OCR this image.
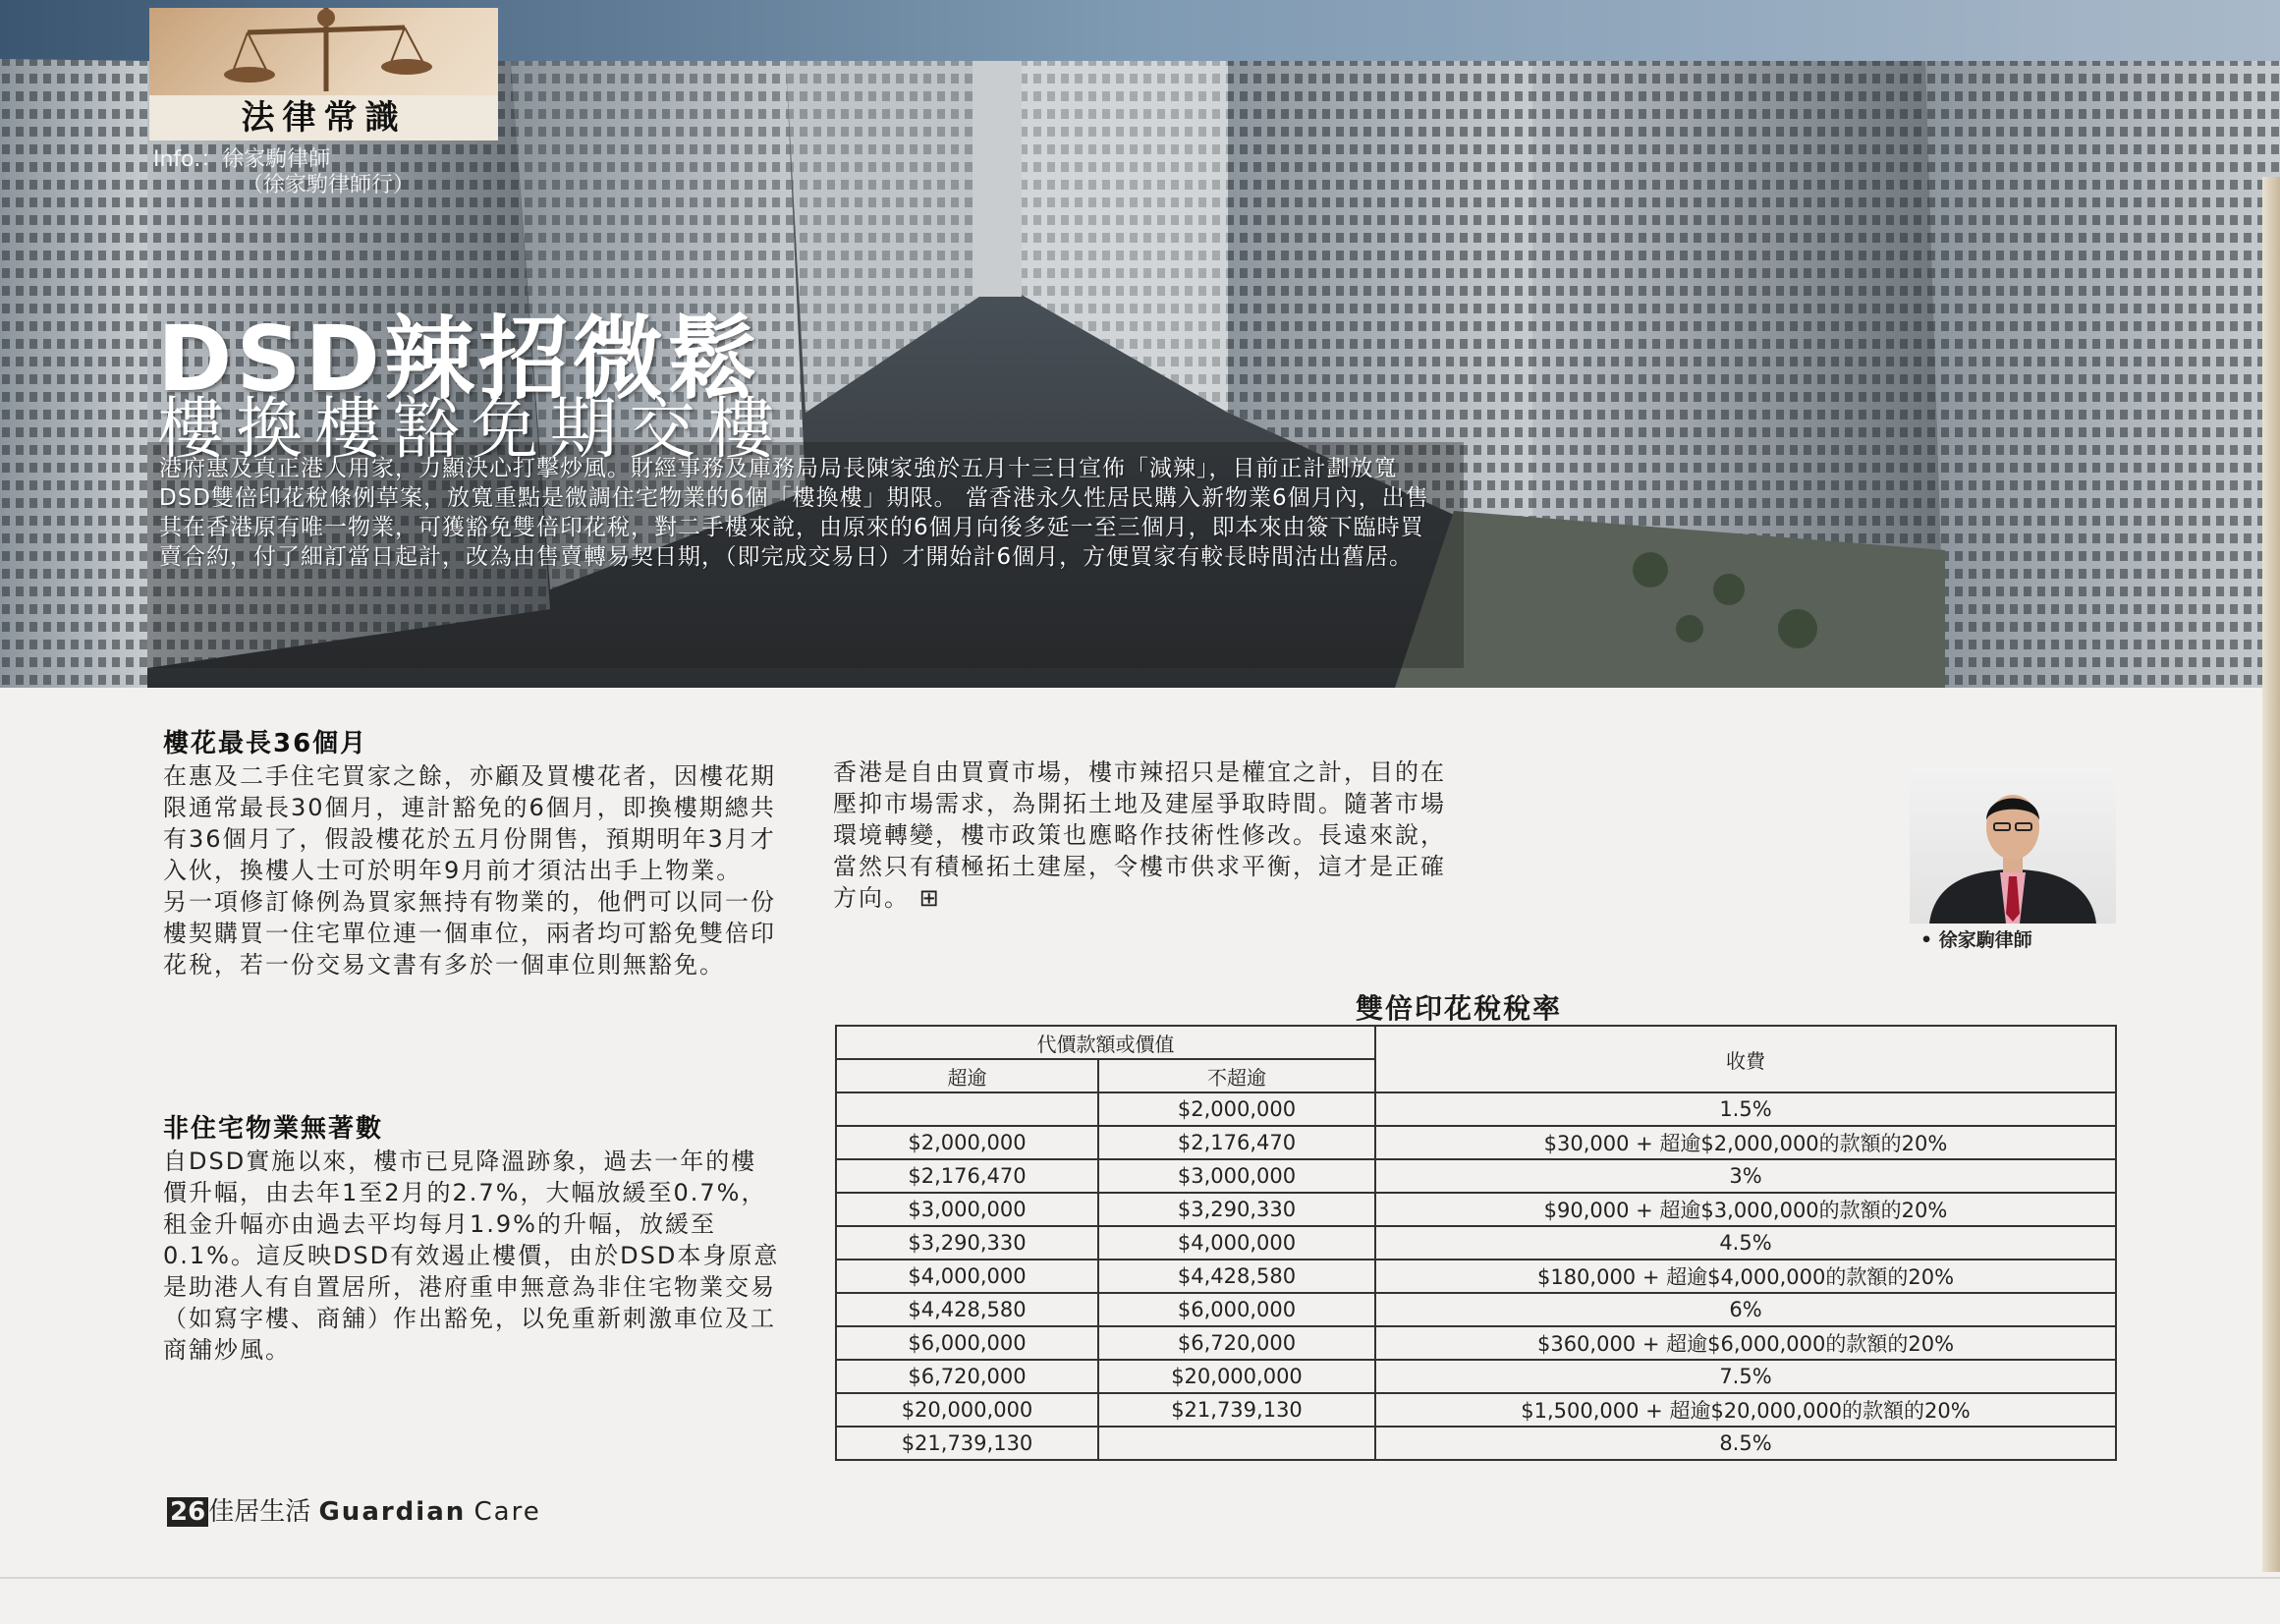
法律常識
Info.：徐家駒律師
（徐家駒律師行）
DSD辣招微鬆
樓換樓豁免期交樓
港府惠及真正港人用家，力顯決心打擊炒風。財經事務及庫務局局長陳家強於五月十三日宣佈「減辣」，目前正計劃放寬DSD雙倍印花稅條例草案，放寬重點是微調住宅物業的6個「樓換樓」期限。 當香港永久性居民購入新物業6個月內，出售其在香港原有唯一物業，可獲豁免雙倍印花稅，對二手樓來說，由原來的6個月向後多延一至三個月，即本來由簽下臨時買賣合約，付了細訂當日起計，改為由售賣轉易契日期，（即完成交易日）才開始計6個月，方便買家有較長時間沽出舊居。
樓花最長36個月

在惠及二手住宅買家之餘，亦顧及買樓花者，因樓花期限通常最長30個月，連計豁免的6個月，即換樓期總共有36個月了，假設樓花於五月份開售，預期明年3月才入伙，換樓人士可於明年9月前才須沽出手上物業。

另一項修訂條例為買家無持有物業的，他們可以同一份樓契購買一住宅單位連一個車位，兩者均可豁免雙倍印花稅，若一份交易文書有多於一個車位則無豁免。

非住宅物業無著數

自DSD實施以來，樓市已見降溫跡象，過去一年的樓價升幅，由去年1至2月的2.7%，大幅放緩至0.7%，租金升幅亦由過去平均每月1.9%的升幅，放緩至0.1%。這反映DSD有效遏止樓價，由於DSD本身原意是助港人有自置居所，港府重申無意為非住宅物業交易（如寫字樓、商舖）作出豁免，以免重新刺激車位及工商舖炒風。

香港是自由買賣市場，樓市辣招只是權宜之計，目的在壓抑市場需求，為開拓土地及建屋爭取時間。隨著市場環境轉變，樓市政策也應略作技術性修改。長遠來說，當然只有積極拓土建屋，令樓市供求平衡，這才是正確方向。 ⊞
• 徐家駒律師
雙倍印花稅稅率
代價款額或價值		收費
超逾	不超逾	
	$2,000,000	1.5%
$2,000,000	$2,176,470	$30,000 + 超逾$2,000,000的款額的20%
$2,176,470	$3,000,000	3%
$3,000,000	$3,290,330	$90,000 + 超逾$3,000,000的款額的20%
$3,290,330	$4,000,000	4.5%
$4,000,000	$4,428,580	$180,000 + 超逾$4,000,000的款額的20%
$4,428,580	$6,000,000	6%
$6,000,000	$6,720,000	$360,000 + 超逾$6,000,000的款額的20%
$6,720,000	$20,000,000	7.5%
$20,000,000	$21,739,130	$1,500,000 + 超逾$20,000,000的款額的20%
$21,739,130		8.5%
26 佳居生活 Guardian Care
